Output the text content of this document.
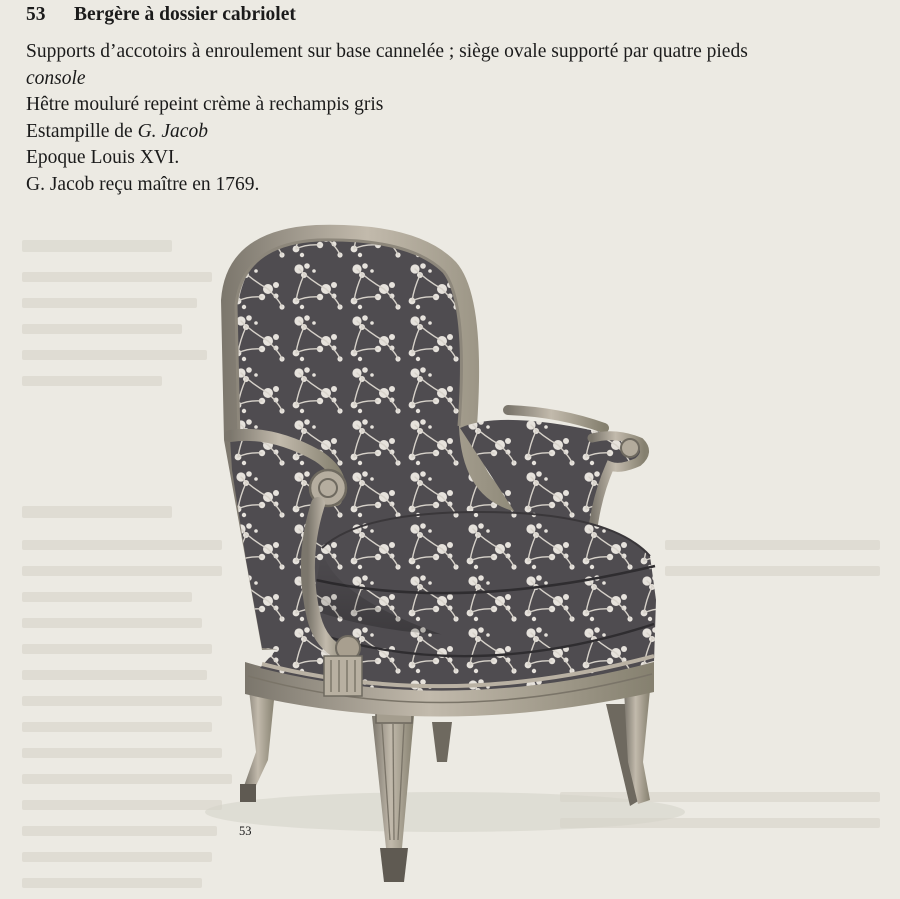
53 Bergère à dossier cabriolet
Supports d’accotoirs à enroulement sur base cannelée ; siège ovale supporté par quatre pieds
console
Hêtre mouluré repeint crème à rechampis gris
Estampille de G. Jacob
Epoque Louis XVI.
G. Jacob reçu maître en 1769.
53
